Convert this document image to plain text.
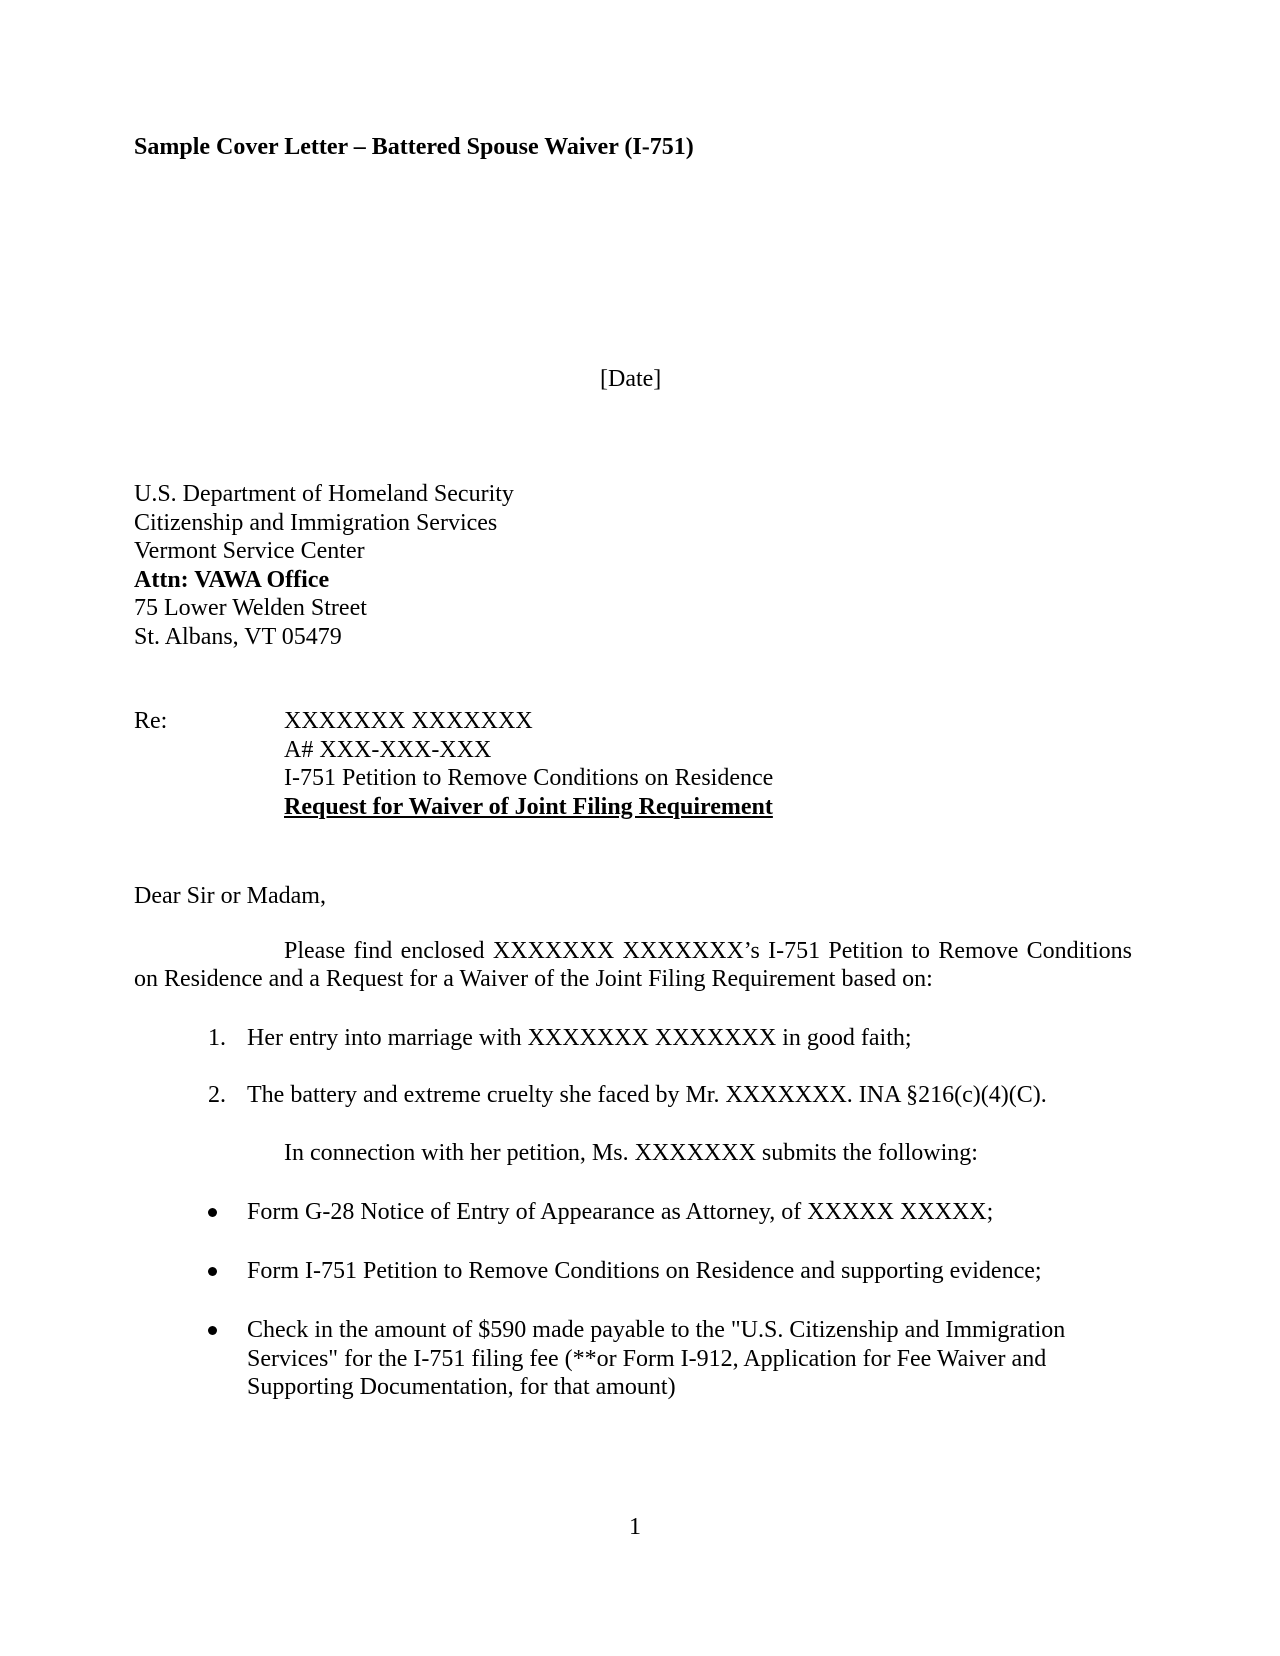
Sample Cover Letter – Battered Spouse Waiver (I-751)
[Date]
U.S. Department of Homeland Security
Citizenship and Immigration Services
Vermont Service Center
Attn: VAWA Office
75 Lower Welden Street
St. Albans, VT 05479
Re:	XXXXXXX XXXXXXX
A# XXX-XXX-XXX
I-751 Petition to Remove Conditions on Residence
Request for Waiver of Joint Filing Requirement
Dear Sir or Madam,
Please find enclosed XXXXXXX XXXXXXX’s I-751 Petition to Remove Conditions on Residence and a Request for a Waiver of the Joint Filing Requirement based on:
1. Her entry into marriage with XXXXXXX XXXXXXX in good faith;
2. The battery and extreme cruelty she faced by Mr. XXXXXXX. INA §216(c)(4)(C).
In connection with her petition, Ms. XXXXXXX submits the following:
Form G-28 Notice of Entry of Appearance as Attorney, of XXXXX XXXXX;
Form I-751 Petition to Remove Conditions on Residence and supporting evidence;
Check in the amount of $590 made payable to the "U.S. Citizenship and Immigration
Services" for the I-751 filing fee (**or Form I-912, Application for Fee Waiver and
Supporting Documentation, for that amount)
1
